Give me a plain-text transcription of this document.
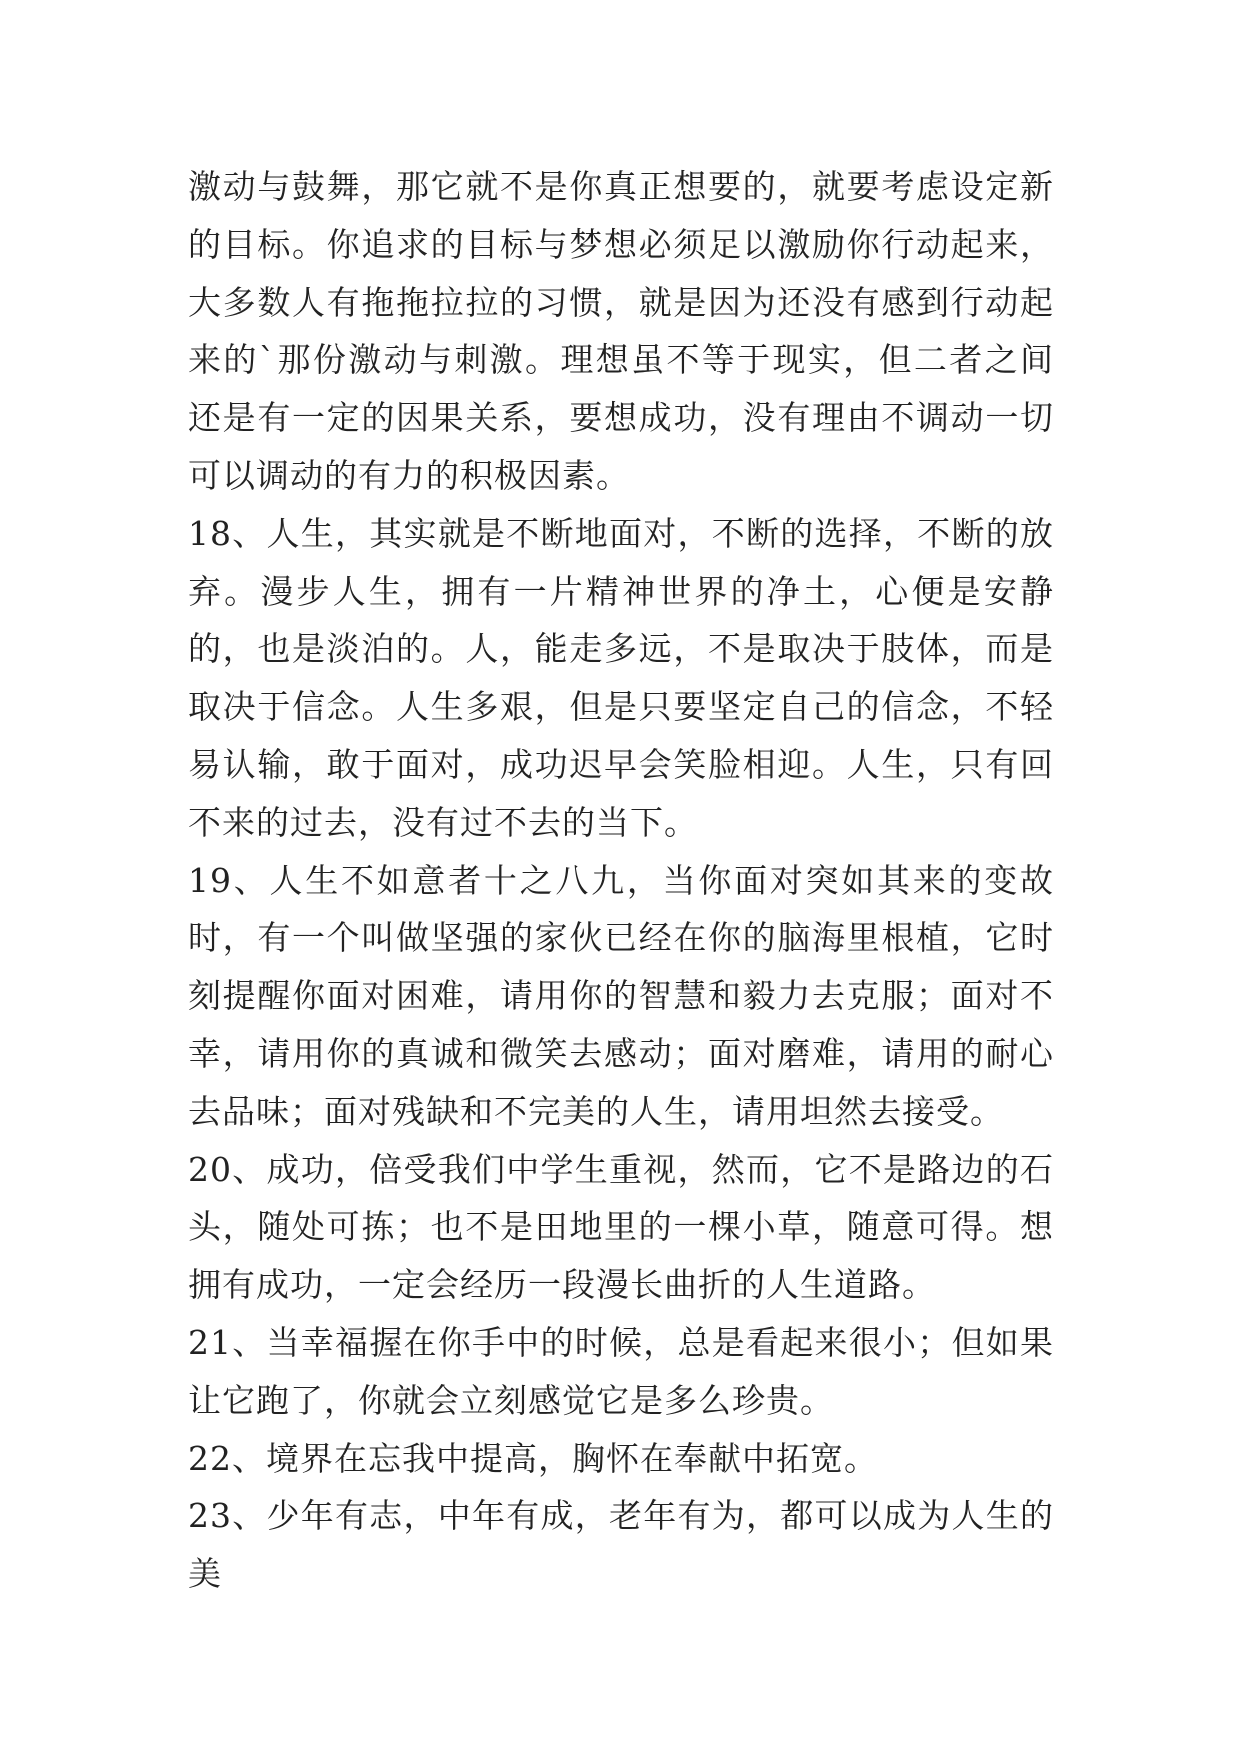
激动与鼓舞，那它就不是你真正想要的，就要考虑设定新的目标。你追求的目标与梦想必须足以激励你行动起来，大多数人有拖拖拉拉的习惯，就是因为还没有感到行动起来的`那份激动与刺激。理想虽不等于现实，但二者之间还是有一定的因果关系，要想成功，没有理由不调动一切可以调动的有力的积极因素。

18、人生，其实就是不断地面对，不断的选择，不断的放弃。漫步人生，拥有一片精神世界的净土，心便是安静的，也是淡泊的。人，能走多远，不是取决于肢体，而是取决于信念。人生多艰，但是只要坚定自己的信念，不轻易认输，敢于面对，成功迟早会笑脸相迎。人生，只有回不来的过去，没有过不去的当下。

19、人生不如意者十之八九，当你面对突如其来的变故时，有一个叫做坚强的家伙已经在你的脑海里根植，它时刻提醒你面对困难，请用你的智慧和毅力去克服；面对不幸，请用你的真诚和微笑去感动；面对磨难，请用的耐心去品味；面对残缺和不完美的人生，请用坦然去接受。

20、成功，倍受我们中学生重视，然而，它不是路边的石头，随处可拣；也不是田地里的一棵小草，随意可得。想拥有成功，一定会经历一段漫长曲折的人生道路。

21、当幸福握在你手中的时候，总是看起来很小；但如果让它跑了，你就会立刻感觉它是多么珍贵。

22、境界在忘我中提高，胸怀在奉献中拓宽。

23、少年有志，中年有成，老年有为，都可以成为人生的美
